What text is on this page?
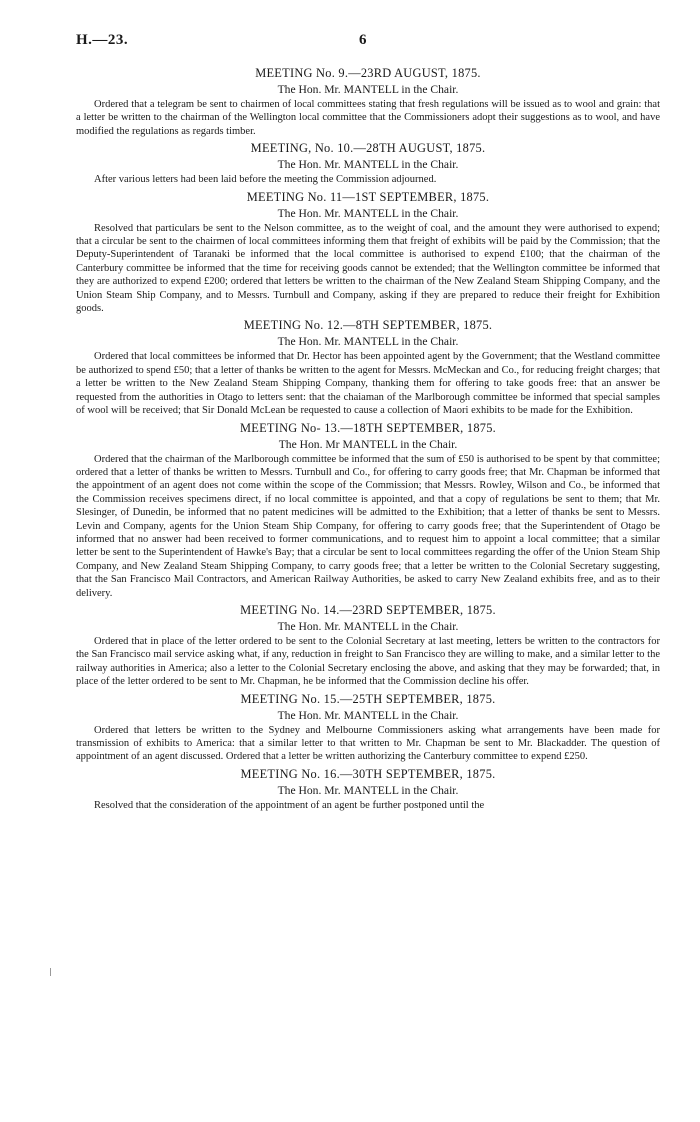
H.—23.	6

MEETING No. 9.—23RD AUGUST, 1875.

The Hon. Mr. MANTELL in the Chair.

Ordered that a telegram be sent to chairmen of local committees stating that fresh regulations will be issued as to wool and grain: that a letter be written to the chairman of the Wellington local committee that the Commissioners adopt their suggestions as to wool, and have modified the regulations as regards timber.

MEETING, No. 10.—28TH AUGUST, 1875.

The Hon. Mr. MANTELL in the Chair.

After various letters had been laid before the meeting the Commission adjourned.

MEETING No. 11—1ST SEPTEMBER, 1875.

The Hon. Mr. MANTELL in the Chair.

Resolved that particulars be sent to the Nelson committee, as to the weight of coal, and the amount they were authorised to expend; that a circular be sent to the chairmen of local committees informing them that freight of exhibits will be paid by the Commission; that the Deputy-Superintendent of Taranaki be informed that the local committee is authorised to expend £100; that the chairman of the Canterbury committee be informed that the time for receiving goods cannot be extended; that the Wellington committee be informed that they are authorized to expend £200; ordered that letters be written to the chairman of the New Zealand Steam Shipping Company, and the Union Steam Ship Company, and to Messrs. Turnbull and Company, asking if they are prepared to reduce their freight for Exhibition goods.

MEETING No. 12.—8TH SEPTEMBER, 1875.

The Hon. Mr. MANTELL in the Chair.

Ordered that local committees be informed that Dr. Hector has been appointed agent by the Government; that the Westland committee be authorized to spend £50; that a letter of thanks be written to the agent for Messrs. McMeckan and Co., for reducing freight charges; that a letter be written to the New Zealand Steam Shipping Company, thanking them for offering to take goods free: that an answer be requested from the authorities in Otago to letters sent: that the chaiaman of the Marlborough committee be informed that special samples of wool will be received; that Sir Donald McLean be requested to cause a collection of Maori exhibits to be made for the Exhibition.

MEETING No- 13.—18TH SEPTEMBER, 1875.

The Hon. Mr MANTELL in the Chair.

Ordered that the chairman of the Marlborough committee be informed that the sum of £50 is authorised to be spent by that committee; ordered that a letter of thanks be written to Messrs. Turnbull and Co., for offering to carry goods free; that Mr. Chapman be informed that the appointment of an agent does not come within the scope of the Commission; that Messrs. Rowley, Wilson and Co., be informed that the Commission receives specimens direct, if no local committee is appointed, and that a copy of regulations be sent to them; that Mr. Slesinger, of Dunedin, be informed that no patent medicines will be admitted to the Exhibition; that a letter of thanks be sent to Messrs. Levin and Company, agents for the Union Steam Ship Company, for offering to carry goods free; that the Superintendent of Otago be informed that no answer had been received to former communications, and to request him to appoint a local committee; that a similar letter be sent to the Superintendent of Hawke's Bay; that a circular be sent to local committees regarding the offer of the Union Steam Ship Company, and New Zealand Steam Shipping Company, to carry goods free; that a letter be written to the Colonial Secretary suggesting, that the San Francisco Mail Contractors, and American Railway Authorities, be asked to carry New Zealand exhibits free, and as to their delivery.

MEETING No. 14.—23RD SEPTEMBER, 1875.

The Hon. Mr. MANTELL in the Chair.

Ordered that in place of the letter ordered to be sent to the Colonial Secretary at last meeting, letters be written to the contractors for the San Francisco mail service asking what, if any, reduction in freight to San Francisco they are willing to make, and a similar letter to the railway authorities in America; also a letter to the Colonial Secretary enclosing the above, and asking that they may be forwarded; that, in place of the letter ordered to be sent to Mr. Chapman, he be informed that the Commission decline his offer.

MEETING No. 15.—25TH SEPTEMBER, 1875.

The Hon. Mr. MANTELL in the Chair.

Ordered that letters be written to the Sydney and Melbourne Commissioners asking what arrangements have been made for transmission of exhibits to America: that a similar letter to that written to Mr. Chapman be sent to Mr. Blackadder. The question of appointment of an agent discussed. Ordered that a letter be written authorizing the Canterbury committee to expend £250.

MEETING No. 16.—30TH SEPTEMBER, 1875.

The Hon. Mr. MANTELL in the Chair.

Resolved that the consideration of the appointment of an agent be further postponed until the
